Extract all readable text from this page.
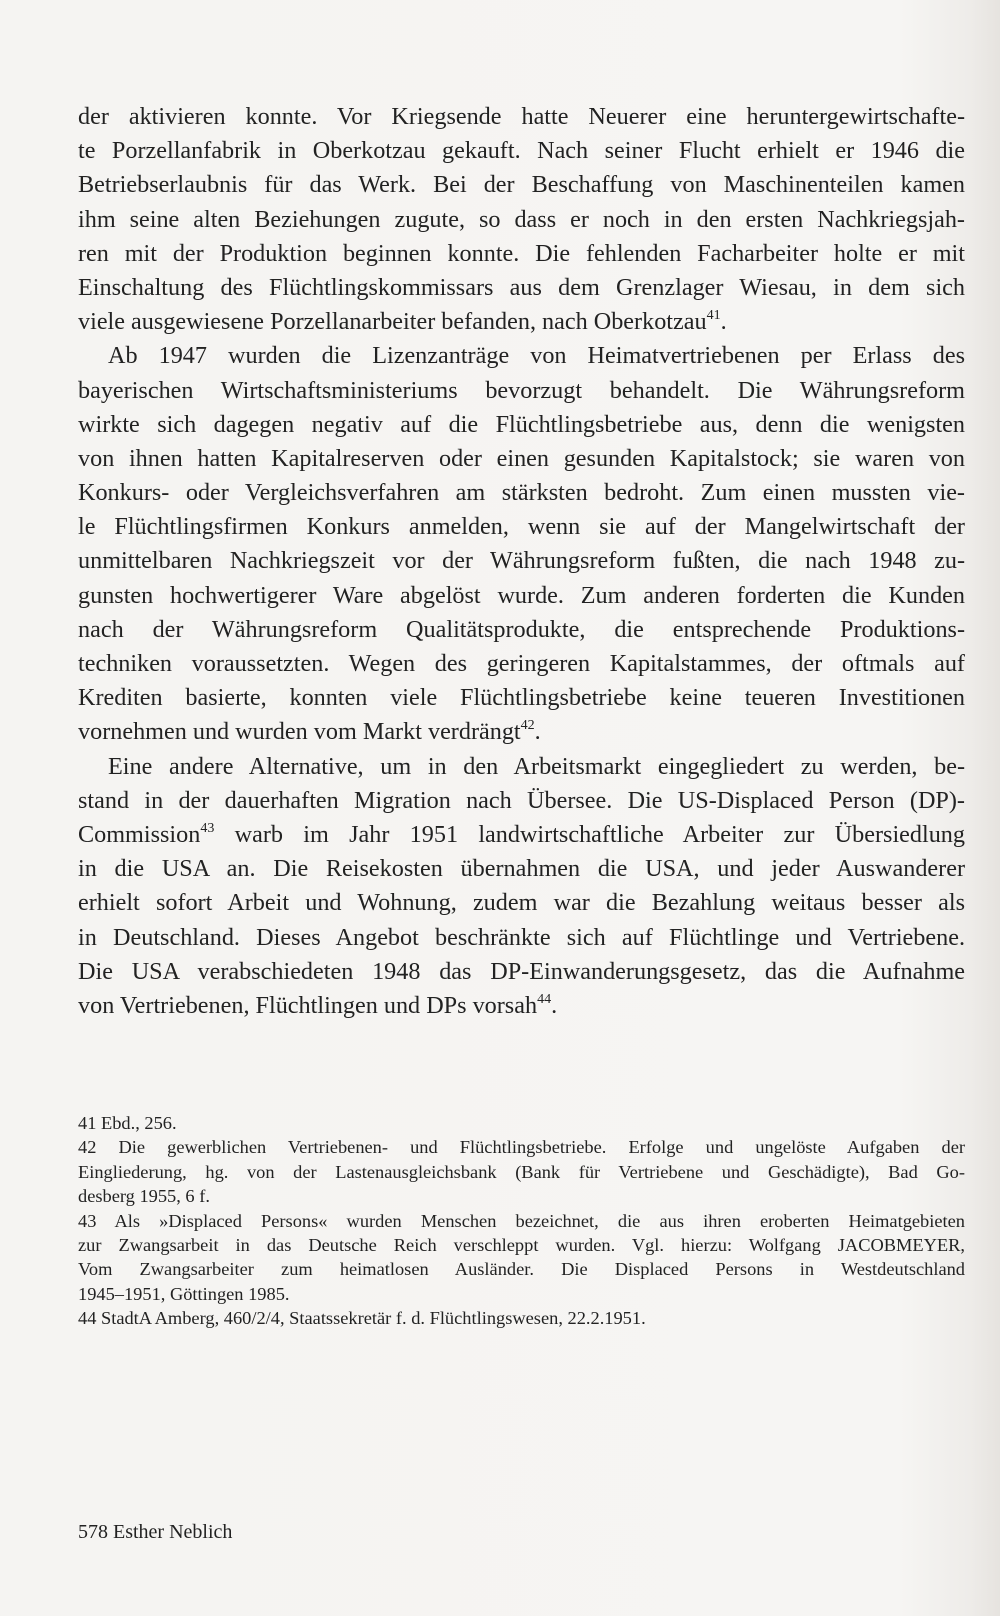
der aktivieren konnte. Vor Kriegsende hatte Neuerer eine heruntergewirtschafte-
te Porzellanfabrik in Oberkotzau gekauft. Nach seiner Flucht erhielt er 1946 die
Betriebserlaubnis für das Werk. Bei der Beschaffung von Maschinenteilen kamen
ihm seine alten Beziehungen zugute, so dass er noch in den ersten Nachkriegsjah-
ren mit der Produktion beginnen konnte. Die fehlenden Facharbeiter holte er mit
Einschaltung des Flüchtlingskommissars aus dem Grenzlager Wiesau, in dem sich
viele ausgewiesene Porzellanarbeiter befanden, nach Oberkotzau$^{41}$.
Ab 1947 wurden die Lizenzanträge von Heimatvertriebenen per Erlass des
bayerischen Wirtschaftsministeriums bevorzugt behandelt. Die Währungsreform
wirkte sich dagegen negativ auf die Flüchtlingsbetriebe aus, denn die wenigsten
von ihnen hatten Kapitalreserven oder einen gesunden Kapitalstock; sie waren von
Konkurs- oder Vergleichsverfahren am stärksten bedroht. Zum einen mussten vie-
le Flüchtlingsfirmen Konkurs anmelden, wenn sie auf der Mangelwirtschaft der
unmittelbaren Nachkriegszeit vor der Währungsreform fußten, die nach 1948 zu-
gunsten hochwertigerer Ware abgelöst wurde. Zum anderen forderten die Kunden
nach der Währungsreform Qualitätsprodukte, die entsprechende Produktions-
techniken voraussetzten. Wegen des geringeren Kapitalstammes, der oftmals auf
Krediten basierte, konnten viele Flüchtlingsbetriebe keine teueren Investitionen
vornehmen und wurden vom Markt verdrängt$^{42}$.
Eine andere Alternative, um in den Arbeitsmarkt eingegliedert zu werden, be-
stand in der dauerhaften Migration nach Übersee. Die US-Displaced Person (DP)-
Commission$^{43}$ warb im Jahr 1951 landwirtschaftliche Arbeiter zur Übersiedlung
in die USA an. Die Reisekosten übernahmen die USA, und jeder Auswanderer
erhielt sofort Arbeit und Wohnung, zudem war die Bezahlung weitaus besser als
in Deutschland. Dieses Angebot beschränkte sich auf Flüchtlinge und Vertriebene.
Die USA verabschiedeten 1948 das DP-Einwanderungsgesetz, das die Aufnahme
von Vertriebenen, Flüchtlingen und DPs vorsah$^{44}$.
41 Ebd., 256.
42 Die gewerblichen Vertriebenen- und Flüchtlingsbetriebe. Erfolge und ungelöste Aufgaben der
Eingliederung, hg. von der Lastenausgleichsbank (Bank für Vertriebene und Geschädigte), Bad Go-
desberg 1955, 6 f.
43 Als »Displaced Persons« wurden Menschen bezeichnet, die aus ihren eroberten Heimatgebieten
zur Zwangsarbeit in das Deutsche Reich verschleppt wurden. Vgl. hierzu: Wolfgang JACOBMEYER,
Vom Zwangsarbeiter zum heimatlosen Ausländer. Die Displaced Persons in Westdeutschland
1945–1951, Göttingen 1985.
44 StadtA Amberg, 460/2/4, Staatssekretär f. d. Flüchtlingswesen, 22.2.1951.
578 Esther Neblich
